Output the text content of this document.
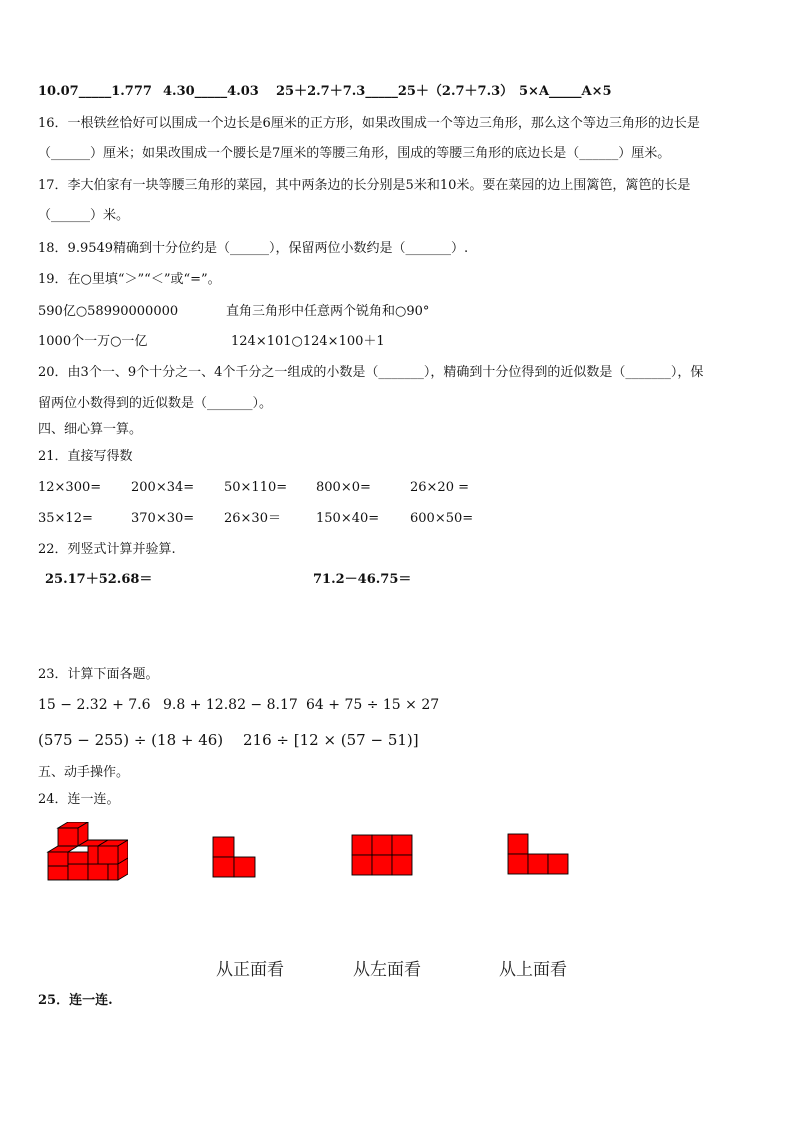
10.07_____1.777 4.30_____4.03 25＋2.7＋7.3_____25＋（2.7＋7.3） 5×A_____A×5
16．一根铁丝恰好可以围成一个边长是6厘米的正方形，如果改围成一个等边三角形，那么这个等边三角形的边长是
（______）厘米；如果改围成一个腰长是7厘米的等腰三角形，围成的等腰三角形的底边长是（______）厘米。
17．李大伯家有一块等腰三角形的菜园，其中两条边的长分别是5米和10米。要在菜园的边上围篱笆，篱笆的长是
（______）米。
18．9.9549精确到十分位约是（______），保留两位小数约是（_______）.
19．在○里填“＞”“＜”或“=”。
590亿○58990000000	直角三角形中任意两个锐角和○90°
1000个一万○一亿	124×101○124×100＋1
20．由3个一、9个十分之一、4个千分之一组成的小数是（_______），精确到十分位得到的近似数是（_______），保
留两位小数得到的近似数是（_______）。
四、细心算一算。
21．直接写得数
12×300= 200×34= 50×110= 800×0=	26×20 =
35×12=	370×30= 26×30＝	150×40= 600×50=
22．列竖式计算并验算.
25.17＋52.68＝	71.2－46.75＝
23．计算下面各题。
15 − 2.32 + 7.6 9.8 + 12.82 − 8.17 64 + 75 ÷ 15 × 27
(575 − 255) ÷ (18 + 46) 216 ÷ [12 × (57 − 51)]
五、动手操作。
24．连一连。
从正面看	从左面看	从上面看
25．连一连.
